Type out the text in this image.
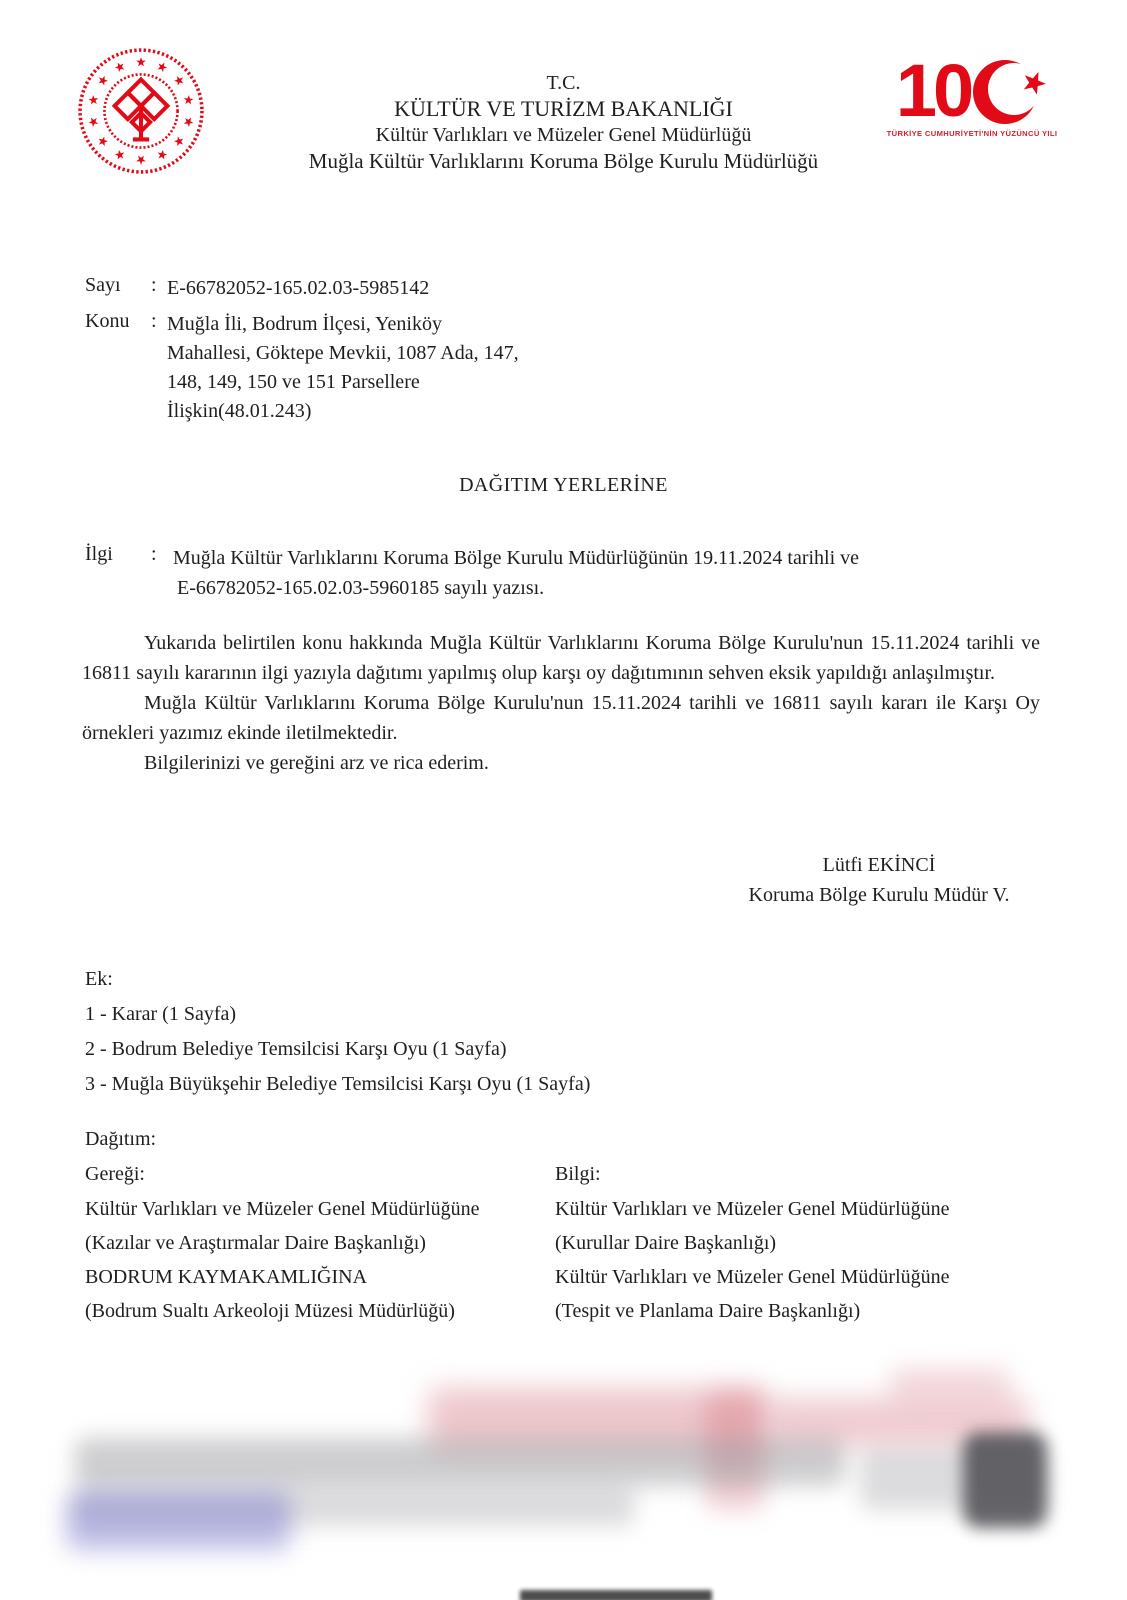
T.C.
KÜLTÜR VE TURİZM BAKANLIĞI
Kültür Varlıkları ve Müzeler Genel Müdürlüğü
Muğla Kültür Varlıklarını Koruma Bölge Kurulu Müdürlüğü
1 0
TÜRKİYE CUMHURİYETİ'NİN YÜZÜNCÜ YILI
Sayı	: E-66782052-165.02.03-5985142
Konu	: Muğla İli, Bodrum İlçesi, Yeniköy
Mahallesi, Göktepe Mevkii, 1087 Ada, 147,
148, 149, 150 ve 151 Parsellere
İlişkin(48.01.243)
DAĞITIM YERLERİNE
İlgi	: Muğla Kültür Varlıklarını Koruma Bölge Kurulu Müdürlüğünün 19.11.2024 tarihli ve
E-66782052-165.02.03-5960185 sayılı yazısı.

Yukarıda belirtilen konu hakkında Muğla Kültür Varlıklarını Koruma Bölge Kurulu'nun 15.11.2024 tarihli ve 16811 sayılı kararının ilgi yazıyla dağıtımı yapılmış olup karşı oy dağıtımının sehven eksik yapıldığı anlaşılmıştır.

Muğla Kültür Varlıklarını Koruma Bölge Kurulu'nun 15.11.2024 tarihli ve 16811 sayılı kararı ile Karşı Oy örnekleri yazımız ekinde iletilmektedir.

Bilgilerinizi ve gereğini arz ve rica ederim.

Lütfi EKİNCİ
Koruma Bölge Kurulu Müdür V.
Ek:
1 - Karar (1 Sayfa)
2 - Bodrum Belediye Temsilcisi Karşı Oyu (1 Sayfa)
3 - Muğla Büyükşehir Belediye Temsilcisi Karşı Oyu (1 Sayfa)
Dağıtım:
Gereği:
Kültür Varlıkları ve Müzeler Genel Müdürlüğüne
(Kazılar ve Araştırmalar Daire Başkanlığı)
BODRUM KAYMAKAMLIĞINA
(Bodrum Sualtı Arkeoloji Müzesi Müdürlüğü)
Bilgi:
Kültür Varlıkları ve Müzeler Genel Müdürlüğüne
(Kurullar Daire Başkanlığı)
Kültür Varlıkları ve Müzeler Genel Müdürlüğüne
(Tespit ve Planlama Daire Başkanlığı)
